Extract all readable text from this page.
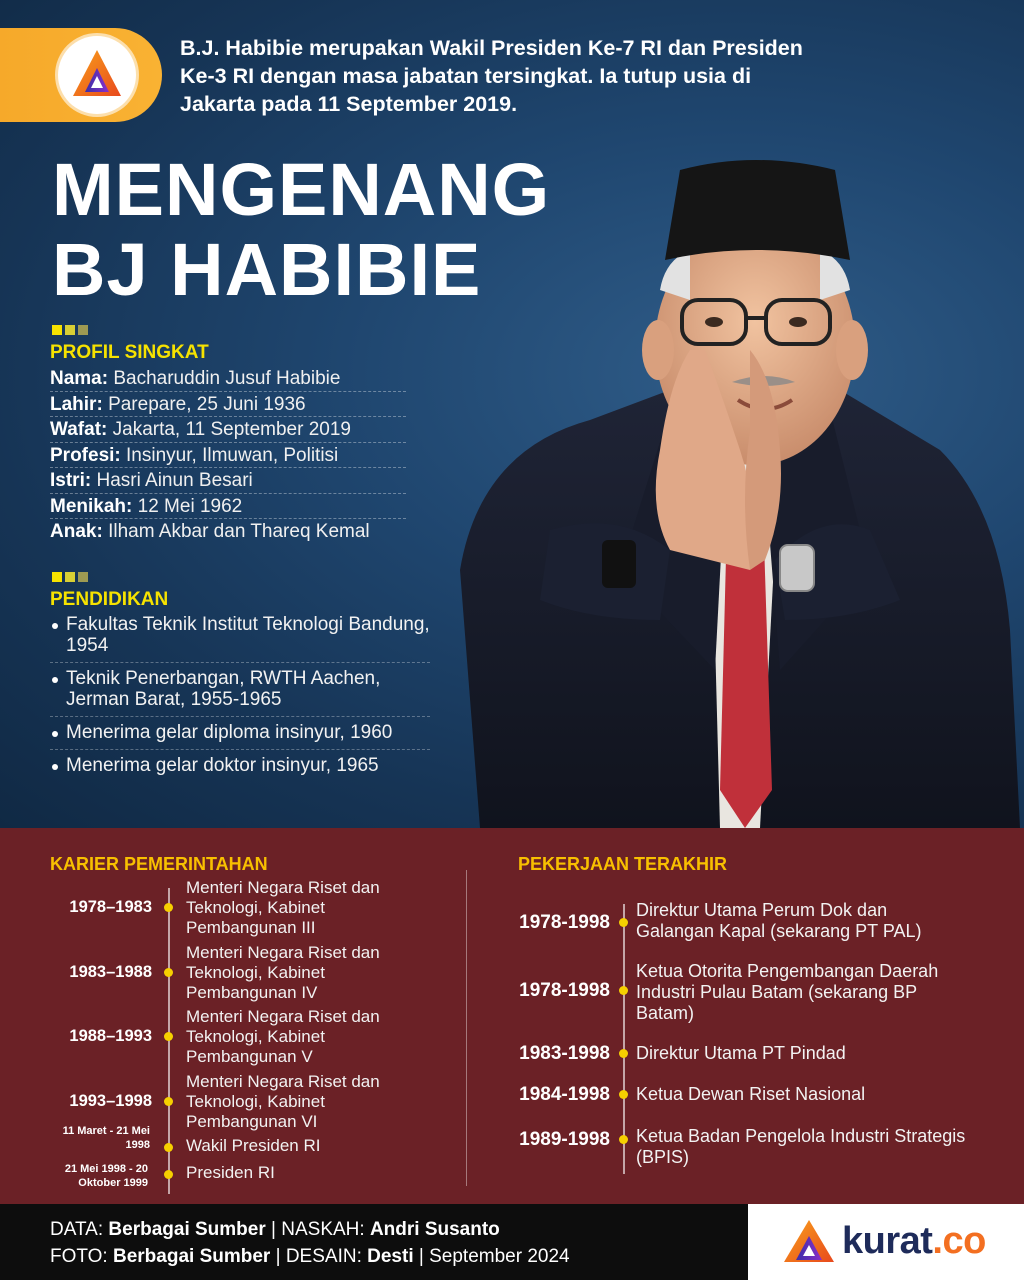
B.J. Habibie merupakan Wakil Presiden Ke-7 RI dan Presiden Ke-3 RI dengan masa jabatan tersingkat. Ia tutup usia di Jakarta pada 11 September 2019.
MENGENANG
BJ HABIBIE
PROFIL SINGKAT
Nama: Bacharuddin Jusuf Habibie
Lahir: Parepare, 25 Juni 1936
Wafat: Jakarta, 11 September 2019
Profesi: Insinyur, Ilmuwan, Politisi
Istri: Hasri Ainun Besari
Menikah: 12 Mei 1962
Anak: Ilham Akbar dan Thareq Kemal
PENDIDIKAN
Fakultas Teknik Institut Teknologi Bandung, 1954
Teknik Penerbangan, RWTH Aachen, Jerman Barat, 1955-1965
Menerima gelar diploma insinyur, 1960
Menerima gelar doktor insinyur, 1965
KARIER PEMERINTAHAN	PEKERJAAN TERAKHIR
1978–1983
Menteri Negara Riset dan Teknologi, Kabinet Pembangunan III
1983–1988
Menteri Negara Riset dan Teknologi, Kabinet Pembangunan IV
1988–1993
Menteri Negara Riset dan Teknologi, Kabinet Pembangunan V
1993–1998
Menteri Negara Riset dan Teknologi, Kabinet Pembangunan VI
11 Maret - 21 Mei 1998 Wakil Presiden RI
21 Mei 1998 - 20 Oktober 1999
Presiden RI
1978-1998
Direktur Utama Perum Dok dan Galangan Kapal (sekarang PT PAL)
1978-1998
Ketua Otorita Pengembangan Daerah Industri Pulau Batam (sekarang BP Batam)
1983-1998 Direktur Utama PT Pindad
1984-1998 Ketua Dewan Riset Nasional
1989-1998 Ketua Badan Pengelola Industri Strategis (BPIS)
DATA: Berbagai Sumber | NASKAH: Andri Susanto
FOTO: Berbagai Sumber | DESAIN: Desti | September 2024	kurat.co
